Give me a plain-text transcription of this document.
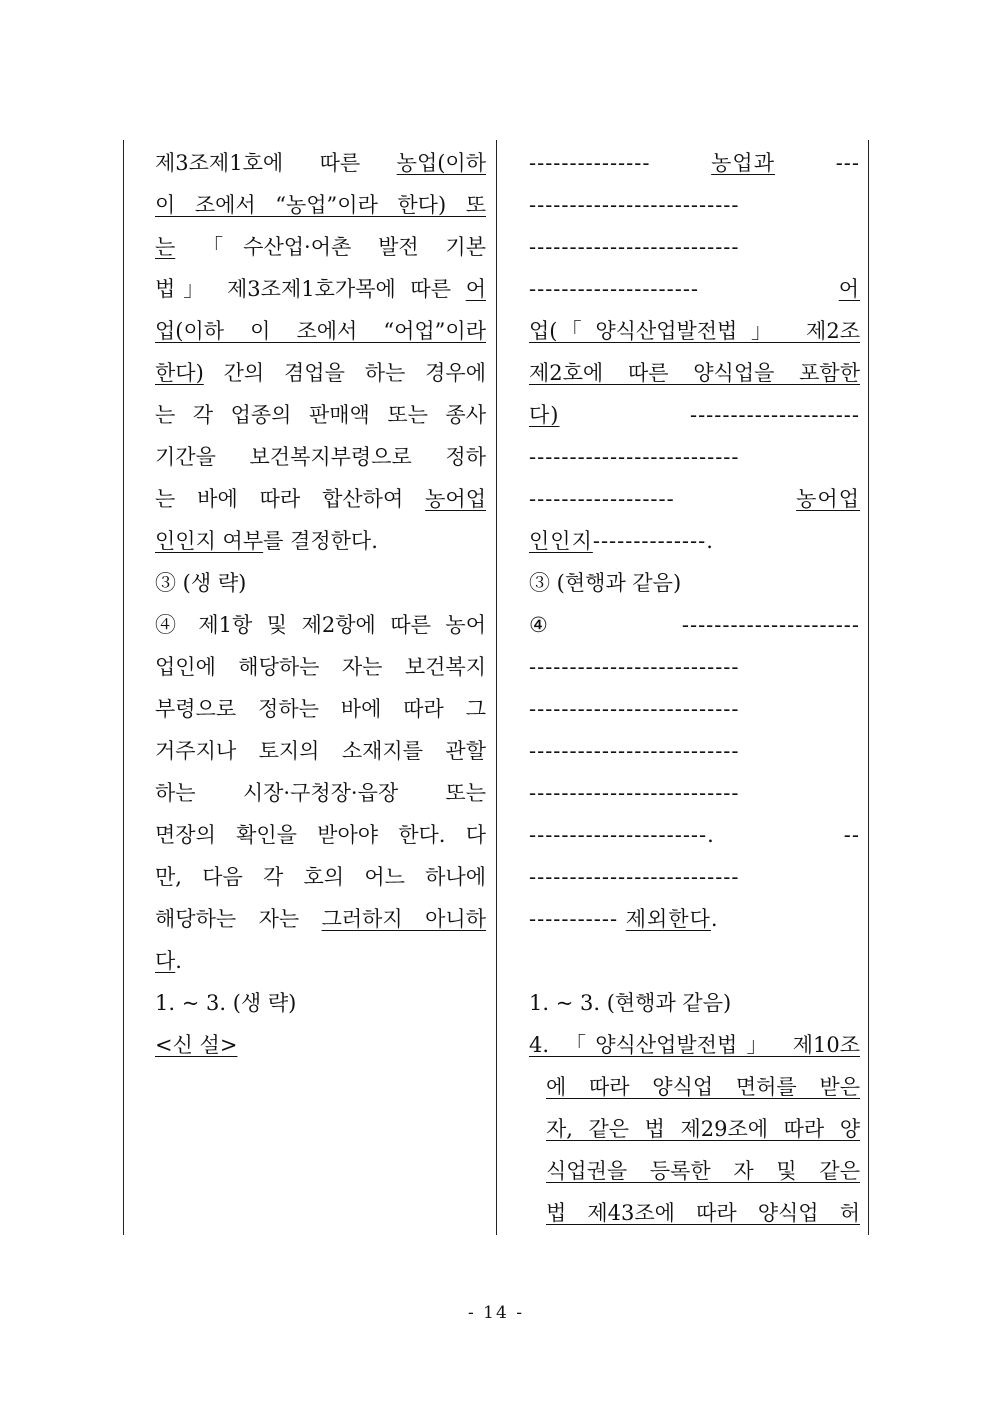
제3조제1호에 따른 농업(이하
이 조에서 “농업”이라 한다) 또
는 「수산업·어촌 발전 기본
법」 제3조제1호가목에 따른 어
업(이하 이 조에서 “어업”이라
한다) 간의 겸업을 하는 경우에
는 각 업종의 판매액 또는 종사
기간을 보건복지부령으로 정하
는 바에 따라 합산하여 농어업
인인지 여부를 결정한다.
③ (생 략)
④ 제1항 및 제2항에 따른 농어
업인에 해당하는 자는 보건복지
부령으로 정하는 바에 따라 그
거주지나 토지의 소재지를 관할
하는 시장·구청장·읍장 또는
면장의 확인을 받아야 한다. 다
만, 다음 각 호의 어느 하나에
해당하는 자는 그러하지 아니하
다.
1. ~ 3. (생 략)
<신 설>
--------------- 농업과 ---
--------------------------
--------------------------
--------------------- 어
업(「양식산업발전법」 제2조
제2호에 따른 양식업을 포함한
다) ---------------------
--------------------------
------------------ 농어업
인인지--------------.
③ (현행과 같음)
④ ----------------------
--------------------------
--------------------------
--------------------------
--------------------------
----------------------. --
--------------------------
----------- 제외한다.
1. ~ 3. (현행과 같음)
4. 「양식산업발전법」 제10조
에 따라 양식업 면허를 받은
자, 같은 법 제29조에 따라 양
식업권을 등록한 자 및 같은
법 제43조에 따라 양식업 허
- 14 -
